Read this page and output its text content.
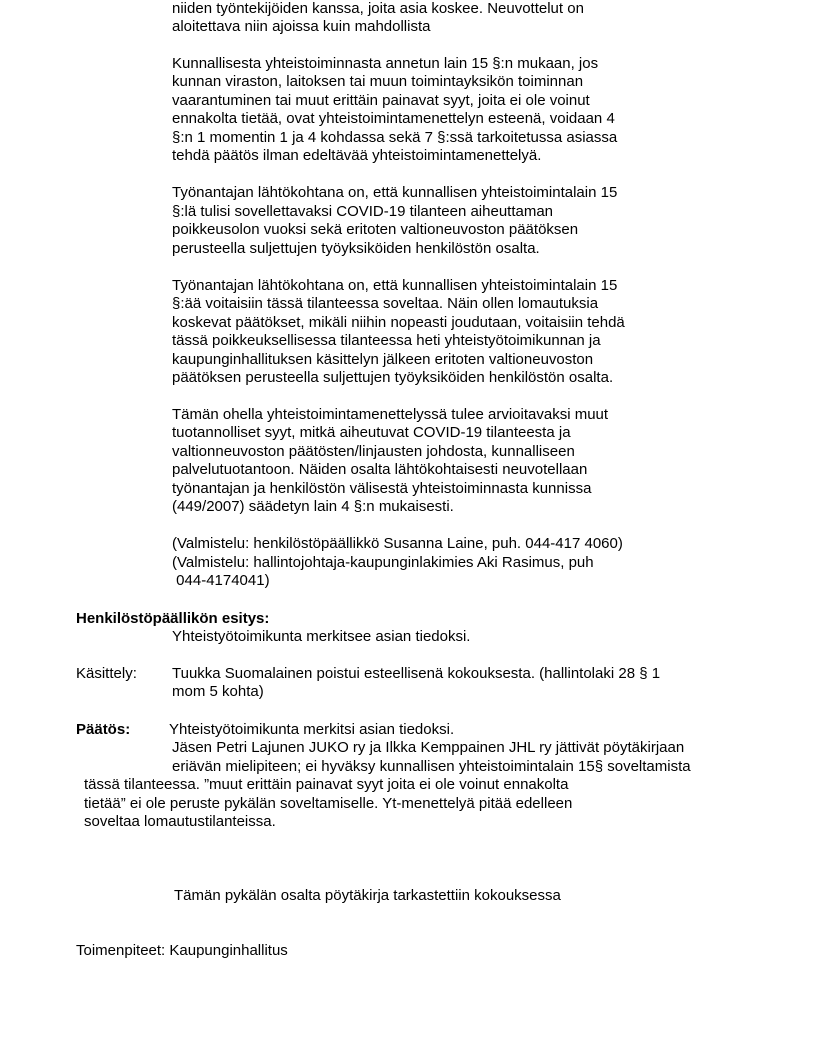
niiden työntekijöiden kanssa, joita asia koskee. Neuvottelut on
aloitettava niin ajoissa kuin mahdollista
Kunnallisesta yhteistoiminnasta annetun lain 15 §:n mukaan, jos
kunnan viraston, laitoksen tai muun toimintayksikön toiminnan
vaarantuminen tai muut erittäin painavat syyt, joita ei ole voinut
ennakolta tietää, ovat yhteistoimintamenettelyn esteenä, voidaan 4
§:n 1 momentin 1 ja 4 kohdassa sekä 7 §:ssä tarkoitetussa asiassa
tehdä päätös ilman edeltävää yhteistoimintamenettelyä.
Työnantajan lähtökohtana on, että kunnallisen yhteistoimintalain 15
§:lä tulisi sovellettavaksi COVID-19 tilanteen aiheuttaman
poikkeusolon vuoksi sekä eritoten valtioneuvoston päätöksen
perusteella suljettujen työyksiköiden henkilöstön osalta.
Työnantajan lähtökohtana on, että kunnallisen yhteistoimintalain 15
§:ää voitaisiin tässä tilanteessa soveltaa. Näin ollen lomautuksia
koskevat päätökset, mikäli niihin nopeasti joudutaan, voitaisiin tehdä
tässä poikkeuksellisessa tilanteessa heti yhteistyötoimikunnan ja
kaupunginhallituksen käsittelyn jälkeen eritoten valtioneuvoston
päätöksen perusteella suljettujen työyksiköiden henkilöstön osalta.
Tämän ohella yhteistoimintamenettelyssä tulee arvioitavaksi muut
tuotannolliset syyt, mitkä aiheutuvat COVID-19 tilanteesta ja
valtionneuvoston päätösten/linjausten johdosta, kunnalliseen
palvelutuotantoon. Näiden osalta lähtökohtaisesti neuvotellaan
työnantajan ja henkilöstön välisestä yhteistoiminnasta kunnissa
(449/2007) säädetyn lain 4 §:n mukaisesti.
(Valmistelu: henkilöstöpäällikkö Susanna Laine, puh. 044-417 4060)
(Valmistelu: hallintojohtaja-kaupunginlakimies Aki Rasimus, puh
044-4174041)
Henkilöstöpäällikön esitys:
Yhteistyötoimikunta merkitsee asian tiedoksi.
Käsittely: Tuukka Suomalainen poistui esteellisenä kokouksesta. (hallintolaki 28 § 1
mom 5 kohta)
Päätös:	Yhteistyötoimikunta merkitsi asian tiedoksi.
Jäsen Petri Lajunen JUKO ry ja Ilkka Kemppainen JHL ry jättivät pöytäkirjaan
eriävän mielipiteen; ei hyväksy kunnallisen yhteistoimintalain 15§ soveltamista
tässä tilanteessa. ”muut erittäin painavat syyt joita ei ole voinut ennakolta
tietää” ei ole peruste pykälän soveltamiselle. Yt-menettelyä pitää edelleen
soveltaa lomautustilanteissa.
Tämän pykälän osalta pöytäkirja tarkastettiin kokouksessa
Toimenpiteet: Kaupunginhallitus
